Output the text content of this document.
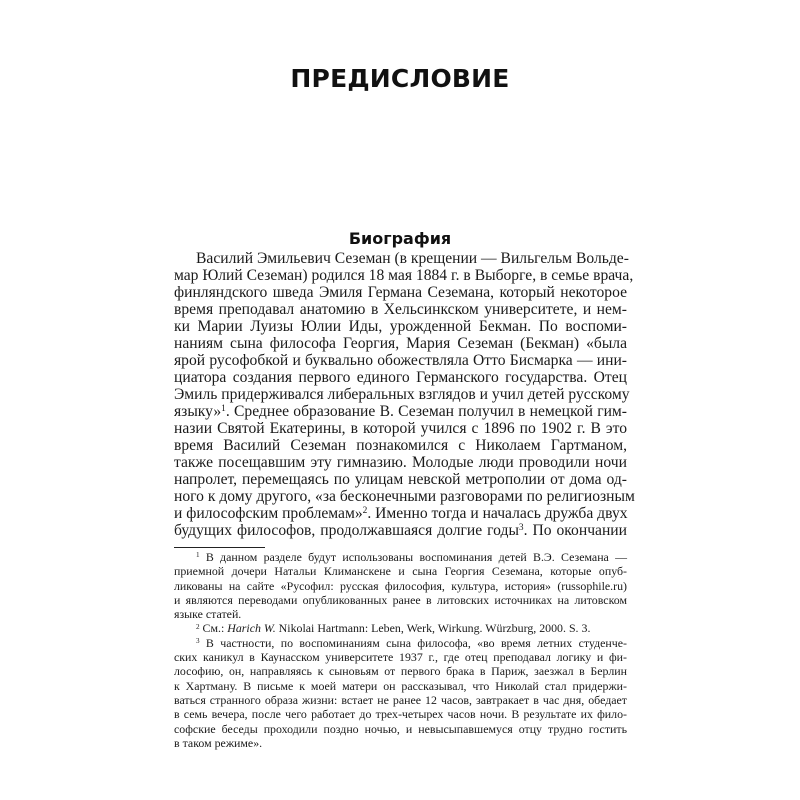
ПРЕДИСЛОВИЕ
Биография
Василий Эмильевич Сеземан (в крещении — Вильгельм Вольде-
мар Юлий Сеземан) родился 18 мая 1884 г. в Выборге, в семье врача,
финляндского шведа Эмиля Германа Сеземана, который некоторое
время преподавал анатомию в Хельсинкском университете, и нем-
ки Марии Луизы Юлии Иды, урожденной Бекман. По воспоми-
наниям сына философа Георгия, Мария Сеземан (Бекман) «была
ярой русофобкой и буквально обожествляла Отто Бисмарка — ини-
циатора создания первого единого Германского государства. Отец
Эмиль придерживался либеральных взглядов и учил детей русскому
языку»$^1$. Среднее образование В. Сеземан получил в немецкой гим-
назии Святой Екатерины, в которой учился с 1896 по 1902 г. В это
время Василий Сеземан познакомился с Николаем Гартманом,
также посещавшим эту гимназию. Молодые люди проводили ночи
напролет, перемещаясь по улицам невской метрополии от дома од-
ного к дому другого, «за бесконечными разговорами по религиозным
и философским проблемам»$^2$. Именно тогда и началась дружба двух
будущих философов, продолжавшаяся долгие годы$^3$. По окончании
$^1$ В данном разделе будут использованы воспоминания детей В.Э. Сеземана —
приемной дочери Натальи Климанскене и сына Георгия Сеземана, которые опуб-
ликованы на сайте «Русофил: русская философия, культура, история» (russophile.ru)
и являются переводами опубликованных ранее в литовских источниках на литовском
языке статей.
$^2$ См.: Harich W. Nikolai Hartmann: Leben, Werk, Wirkung. Würzburg, 2000. S. 3.
$^3$ В частности, по воспоминаниям сына философа, «во время летних студенче-
ских каникул в Каунасском университете 1937 г., где отец преподавал логику и фи-
лософию, он, направляясь к сыновьям от первого брака в Париж, заезжал в Берлин
к Хартману. В письме к моей матери он рассказывал, что Николай стал придержи-
ваться странного образа жизни: встает не ранее 12 часов, завтракает в час дня, обедает
в семь вечера, после чего работает до трех-четырех часов ночи. В результате их фило-
софские беседы проходили поздно ночью, и невысыпавшемуся отцу трудно гостить
в таком режиме».
